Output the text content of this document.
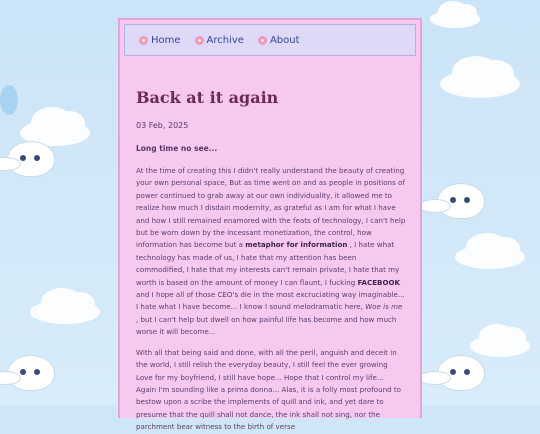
Home	Archive	About
Back at it again
03 Feb, 2025
Long time no see...

At the time of creating this I didn't really understand the beauty of creating your own personal space, But as time went on and as people in positions of power continued to grab away at our own individuality, it allowed me to realize how much I disdain modernity, as grateful as I am for what I have and how I still remained enamored with the feats of technology, I can't help but be worn down by the incessant monetization, the control, how information has become but a metaphor for information , I hate what technology has made of us, I hate that my attention has been commodified, I hate that my interests can't remain private, I hate that my worth is based on the amount of money I can flaunt, I fucking FACEBOOK and I hope all of those CEO's die in the most excruciating way imaginable... I hate what I have become... I know I sound melodramatic here, Woe is me , but I can't help but dwell on how painful life has become and how much worse it will become...

With all that being said and done, with all the peril, anguish and deceit in the world, I still relish the everyday beauty, I still feel the ever growing Love for my boyfriend, I still have hope... Hope that I control my life... Again I'm sounding like a prima donna... Alas, it is a folly most profound to bestow upon a scribe the implements of quill and ink, and yet dare to presume that the quill shall not dance, the ink shall not sing, nor the parchment bear witness to the birth of verse
